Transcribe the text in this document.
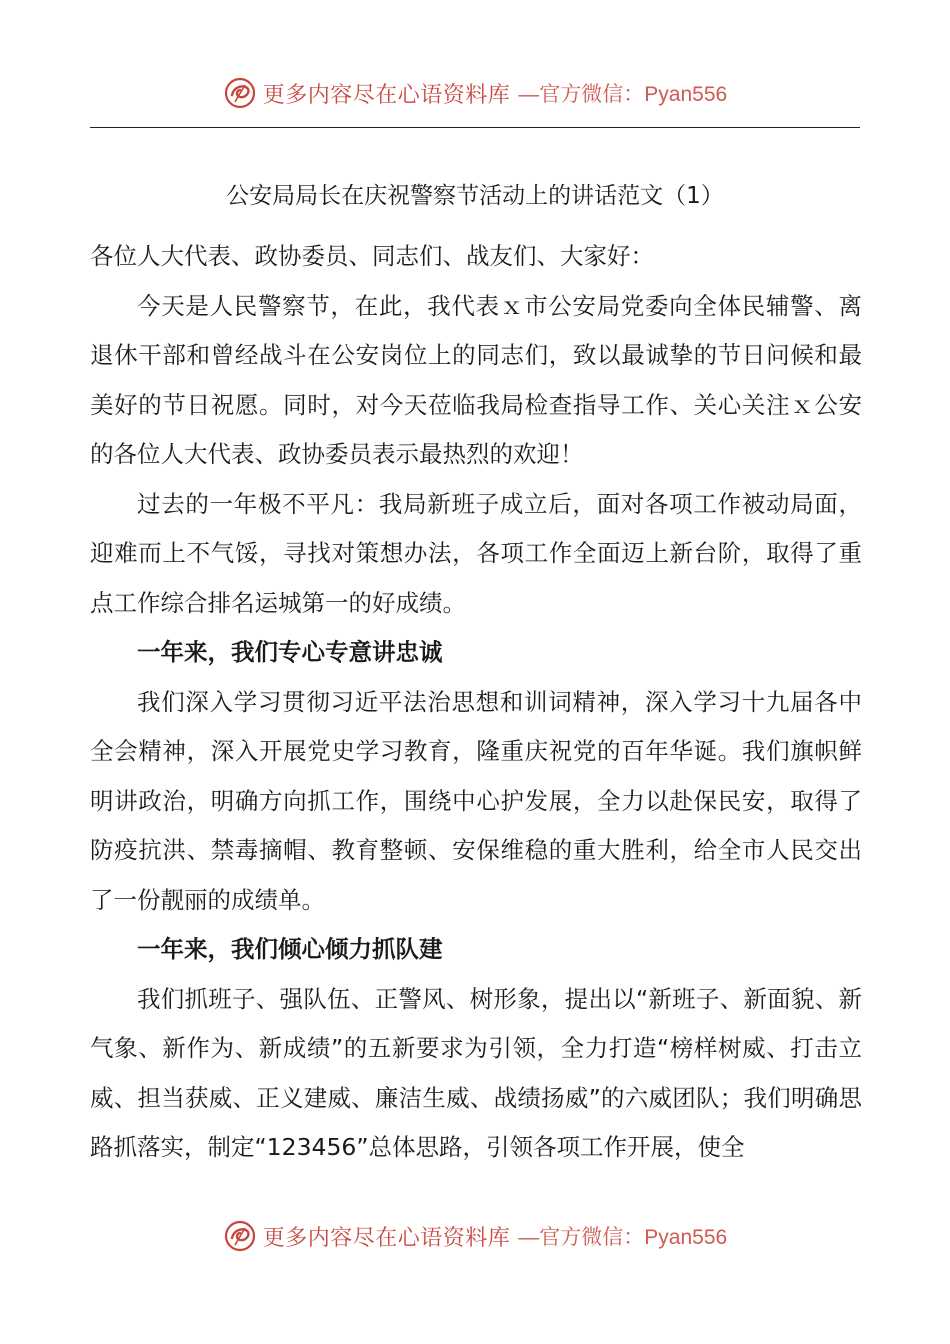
更多内容尽在心语资料库 —官方微信：Pyan556
公安局局长在庆祝警察节活动上的讲话范文（1）

各位人大代表、政协委员、同志们、战友们、大家好：

今天是人民警察节，在此，我代表ｘ市公安局党委向全体民辅警、离退休干部和曾经战斗在公安岗位上的同志们，致以最诚挚的节日问候和最美好的节日祝愿。同时，对今天莅临我局检查指导工作、关心关注ｘ公安的各位人大代表、政协委员表示最热烈的欢迎！

过去的一年极不平凡：我局新班子成立后，面对各项工作被动局面，迎难而上不气馁，寻找对策想办法，各项工作全面迈上新台阶，取得了重点工作综合排名运城第一的好成绩。

一年来，我们专心专意讲忠诚

我们深入学习贯彻习近平法治思想和训词精神，深入学习十九届各中全会精神，深入开展党史学习教育，隆重庆祝党的百年华诞。我们旗帜鲜明讲政治，明确方向抓工作，围绕中心护发展，全力以赴保民安，取得了防疫抗洪、禁毒摘帽、教育整顿、安保维稳的重大胜利，给全市人民交出了一份靓丽的成绩单。

一年来，我们倾心倾力抓队建

我们抓班子、强队伍、正警风、树形象，提出以“新班子、新面貌、新气象、新作为、新成绩”的五新要求为引领，全力打造“榜样树威、打击立威、担当获威、正义建威、廉洁生威、战绩扬威”的六威团队；我们明确思路抓落实，制定“123456”总体思路，引领各项工作开展，使全

更多内容尽在心语资料库 —官方微信：Pyan556
